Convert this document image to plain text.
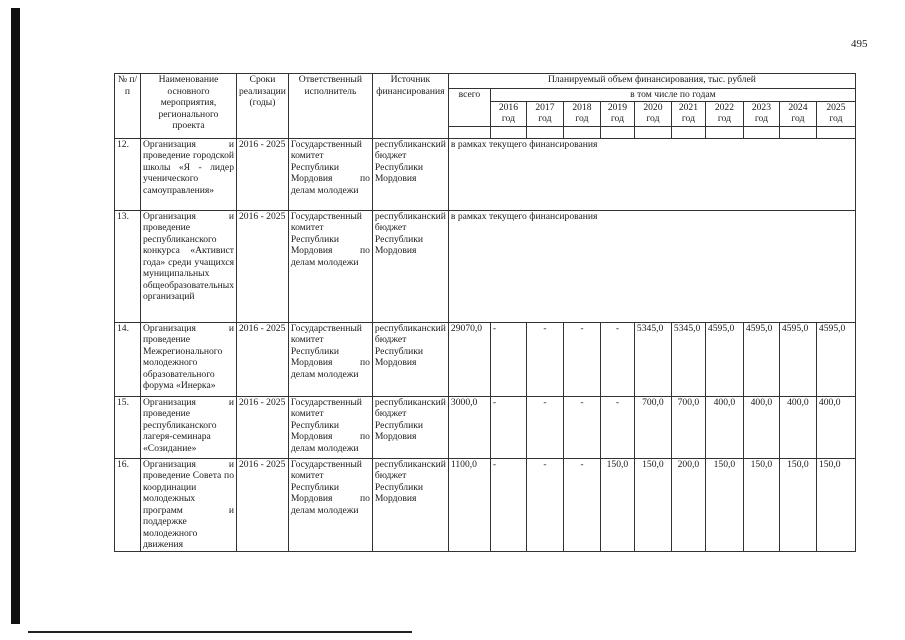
495
№ п/п	Наименование основного мероприятия, регионального проекта	Сроки реализации (годы)	Ответственный исполнитель	Источник финансирования	Планируемый объем финансирования, тыс. рублей										
					всего	в том числе по годам									
						2016 год	2017 год	2018 год	2019 год	2020 год	2021 год	2022 год	2023 год	2024 год	2025 год

12.	Организация и проведение городской школы «Я - лидер ученического самоуправления»	2016 - 2025	Государственный комитет Республики Мордовия по делам молодежи	республиканский бюджет Республики Мордовия	в рамках текущего финансирования										
13.	Организация и проведение республиканского конкурса «Активист года» среди учащихся муниципальных общеобразовательных организаций	2016 - 2025	Государственный комитет Республики Мордовия по делам молодежи	республиканский бюджет Республики Мордовия	в рамках текущего финансирования										
14.	Организация и проведение Межрегионального молодежного образовательного форума «Инерка»	2016 - 2025	Государственный комитет Республики Мордовия по делам молодежи	республиканский бюджет Республики Мордовия	29070,0	-	-	-	-	5345,0	5345,0	4595,0	4595,0	4595,0	4595,0
15.	Организация и проведение республиканского лагеря-семинара «Созидание»	2016 - 2025	Государственный комитет Республики Мордовия по делам молодежи	республиканский бюджет Республики Мордовия	3000,0	-	-	-	-	700,0	700,0	400,0	400,0	400,0	400,0
16.	Организация и проведение Совета по координации молодежных программ и поддержке молодежного движения	2016 - 2025	Государственный комитет Республики Мордовия по делам молодежи	республиканский бюджет Республики Мордовия	1100,0	-	-	-	150,0	150,0	200,0	150,0	150,0	150,0	150,0
